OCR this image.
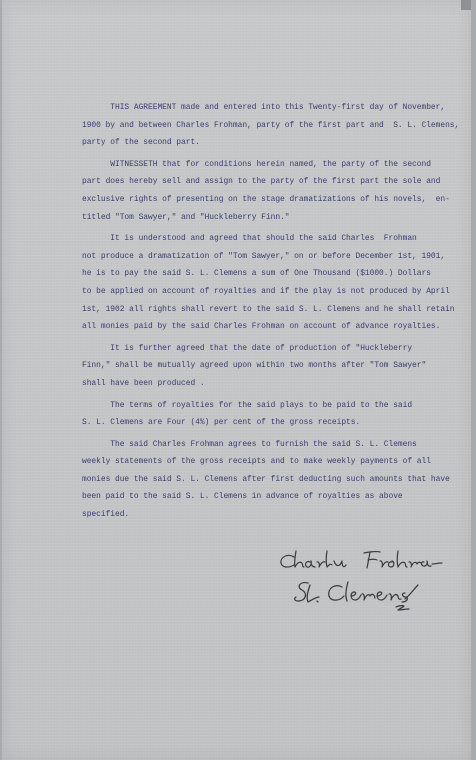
THIS AGREEMENT made and entered into this Twenty-first day of November,
1900 by and between Charles Frohman, party of the first part and  S. L. Clemens,
party of the second part.
WITNESSETH that for conditions herein named, the party of the second
part does hereby sell and assign to the party of the first part the sole and
exclusive rights of presenting on the stage dramatizations of his novels,  en-
titled "Tom Sawyer," and "Huckleberry Finn."
It is understood and agreed that should the said Charles  Frohman
not produce a dramatization of "Tom Sawyer," on or before December 1st, 1901,
he is to pay the said S. L. Clemens a sum of One Thousand ($1000.) Dollars
to be applied on account of royalties and if the play is not produced by April
1st, 1902 all rights shall revert to the said S. L. Clemens and he shall retain
all monies paid by the said Charles Frohman on account of advance royalties.
It is further agreed that the date of production of "Huckleberry
Finn," shall be mutually agreed upon within two months after "Tom Sawyer"
shall have been produced .
The terms of royalties for the said plays to be paid to the said
S. L. Clemens are Four (4%) per cent of the gross receipts.
The said Charles Frohman agrees to furnish the said S. L. Clemens
weekly statements of the gross receipts and to make weekly payments of all
monies due the said S. L. Clemens after first deducting such amounts that have
been paid to the said S. L. Clemens in advance of royalties as above
specified.
